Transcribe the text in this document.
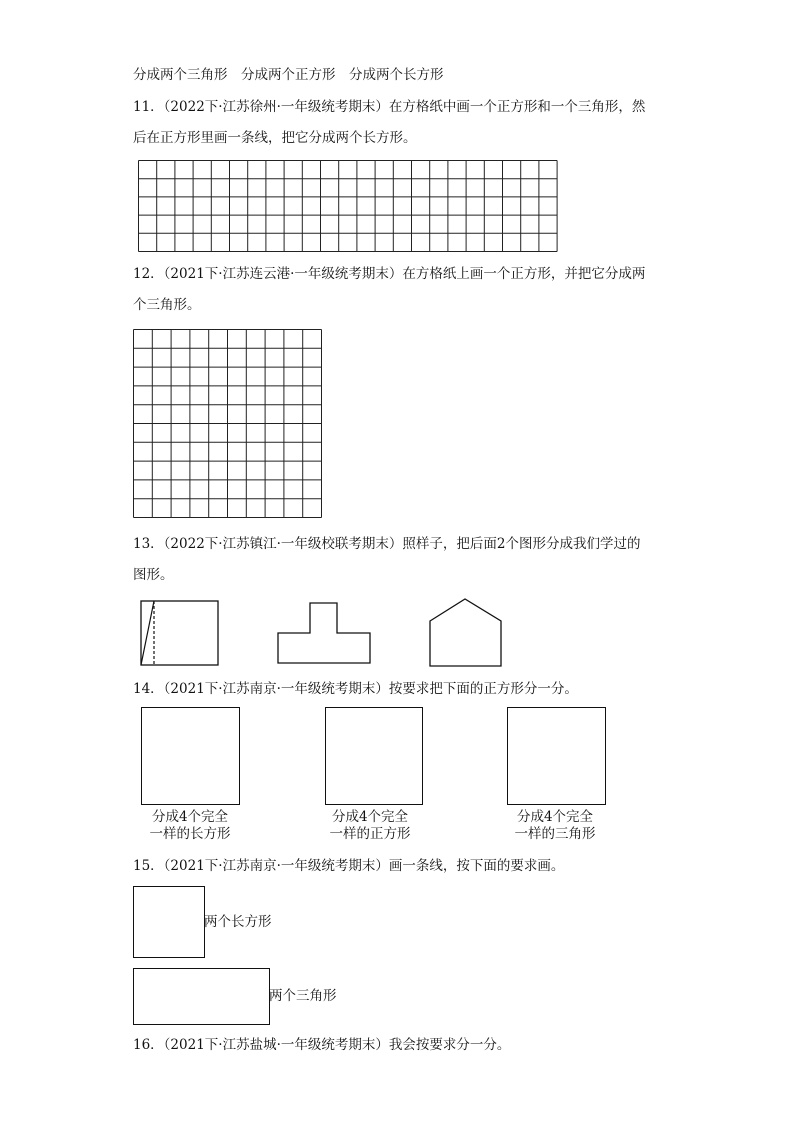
分成两个三角形　分成两个正方形　分成两个长方形
11．（2022下·江苏徐州·一年级统考期末）在方格纸中画一个正方形和一个三角形，然
后在正方形里画一条线，把它分成两个长方形。
12．（2021下·江苏连云港·一年级统考期末）在方格纸上画一个正方形，并把它分成两
个三角形。
13．（2022下·江苏镇江·一年级校联考期末）照样子，把后面2个图形分成我们学过的
图形。
14．（2021下·江苏南京·一年级统考期末）按要求把下面的正方形分一分。
分成4个完全
一样的长方形
分成4个完全
一样的正方形
分成4个完全
一样的三角形
15．（2021下·江苏南京·一年级统考期末）画一条线，按下面的要求画。
两个长方形
两个三角形
16．（2021下·江苏盐城·一年级统考期末）我会按要求分一分。
